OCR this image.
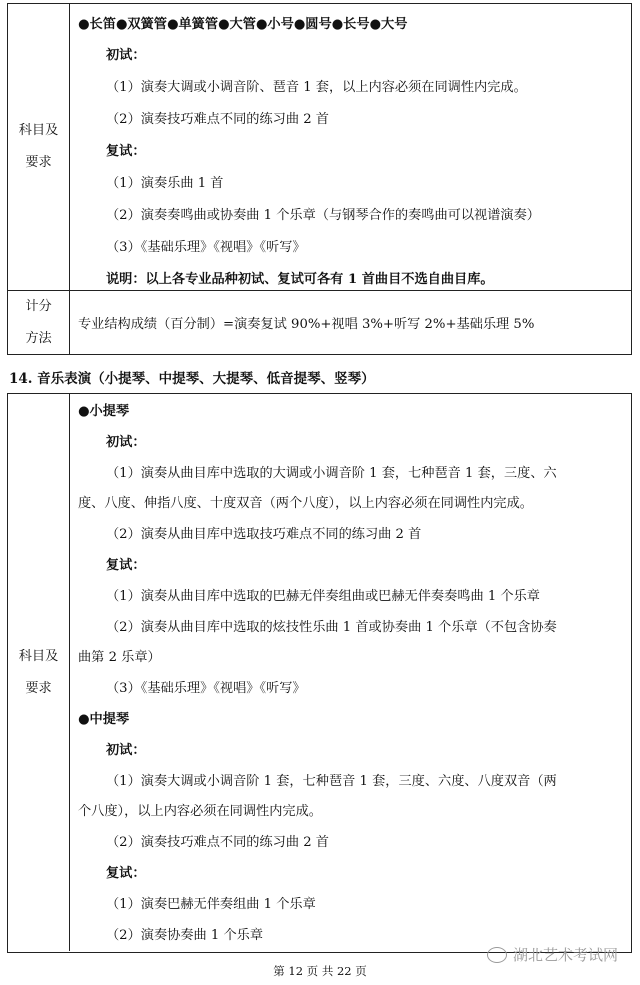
科目及
要求

●长笛●双簧管●单簧管●大管●小号●圆号●长号●大号

初试：

（1）演奏大调或小调音阶、琶音 1 套，以上内容必须在同调性内完成。

（2）演奏技巧难点不同的练习曲 2 首

复试：

（1）演奏乐曲 1 首

（2）演奏奏鸣曲或协奏曲 1 个乐章（与钢琴合作的奏鸣曲可以视谱演奏）

（3）《基础乐理》《视唱》《听写》

说明：以上各专业品种初试、复试可各有 1 首曲目不选自曲目库。

计分
方法

专业结构成绩（百分制）=演奏复试 90%+视唱 3%+听写 2%+基础乐理 5%

14. 音乐表演（小提琴、中提琴、大提琴、低音提琴、竖琴）
科目及
要求

●小提琴

初试：

（1）演奏从曲目库中选取的大调或小调音阶 1 套，七种琶音 1 套，三度、六

度、八度、伸指八度、十度双音（两个八度），以上内容必须在同调性内完成。

（2）演奏从曲目库中选取技巧难点不同的练习曲 2 首

复试：

（1）演奏从曲目库中选取的巴赫无伴奏组曲或巴赫无伴奏奏鸣曲 1 个乐章

（2）演奏从曲目库中选取的炫技性乐曲 1 首或协奏曲 1 个乐章（不包含协奏

曲第 2 乐章）

（3）《基础乐理》《视唱》《听写》

●中提琴

初试：

（1）演奏大调或小调音阶 1 套，七种琶音 1 套，三度、六度、八度双音（两

个八度），以上内容必须在同调性内完成。

（2）演奏技巧难点不同的练习曲 2 首

复试：

（1）演奏巴赫无伴奏组曲 1 个乐章

（2）演奏协奏曲 1 个乐章

湖北艺术考试网
第 12 页 共 22 页
